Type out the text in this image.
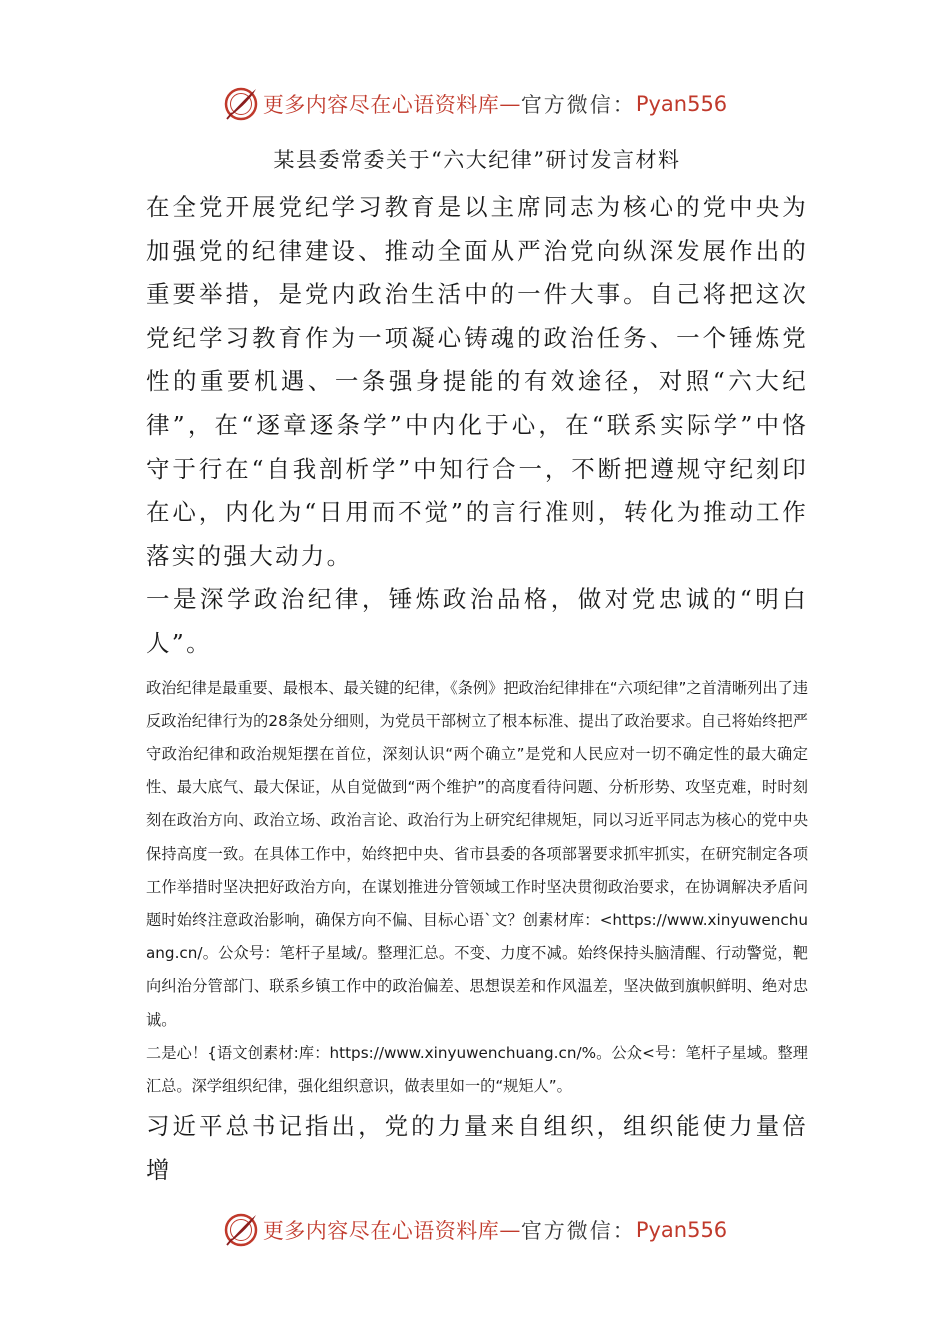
更多内容尽在心语资料库 — 官方微信： Pyan556
某县委常委关于“六大纪律”研讨发言材料

在全党开展党纪学习教育是以主席同志为核心的党中央为加强党的纪律建设、推动全面从严治党向纵深发展作出的重要举措，是党内政治生活中的一件大事。自己将把这次党纪学习教育作为一项凝心铸魂的政治任务、一个锤炼党性的重要机遇、一条强身提能的有效途径，对照“六大纪律”，在“逐章逐条学”中内化于心，在“联系实际学”中恪守于行在“自我剖析学”中知行合一，不断把遵规守纪刻印在心，内化为“日用而不觉”的言行准则，转化为推动工作落实的强大动力。

一是深学政治纪律，锤炼政治品格，做对党忠诚的“明白人”。

政治纪律是最重要、最根本、最关键的纪律，《条例》把政治纪律排在“六项纪律”之首清晰列出了违反政治纪律行为的28条处分细则，为党员干部树立了根本标准、提出了政治要求。自己将始终把严守政治纪律和政治规矩摆在首位，深刻认识“两个确立”是党和人民应对一切不确定性的最大确定性、最大底气、最大保证，从自觉做到“两个维护”的高度看待问题、分析形势、攻坚克难，时时刻刻在政治方向、政治立场、政治言论、政治行为上研究纪律规矩，同以习近平同志为核心的党中央保持高度一致。在具体工作中，始终把中央、省市县委的各项部署要求抓牢抓实，在研究制定各项工作举措时坚决把好政治方向，在谋划推进分管领域工作时坚决贯彻政治要求，在协调解决矛盾问题时始终注意政治影响，确保方向不偏、目标心语`文？创素材库：<https://www.xinyuwenchuang.cn/。公众号：笔杆子星域/。整理汇总。不变、力度不减。始终保持头脑清醒、行动警觉，靶向纠治分管部门、联系乡镇工作中的政治偏差、思想误差和作风温差，坚决做到旗帜鲜明、绝对忠诚。

二是心！{语文创素材:库：https://www.xinyuwenchuang.cn/%。公众<号：笔杆子星域。整理汇总。深学组织纪律，强化组织意识，做表里如一的“规矩人”。

习近平总书记指出，党的力量来自组织，组织能使力量倍增

更多内容尽在心语资料库 — 官方微信： Pyan556
